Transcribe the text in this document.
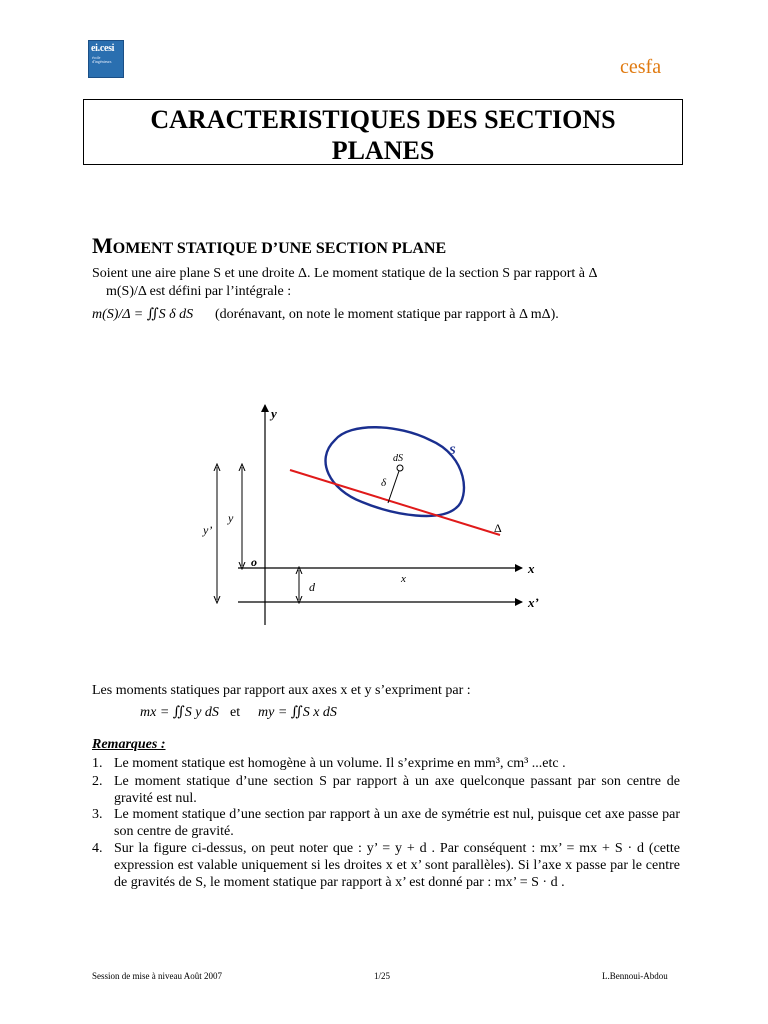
ei.cesi
école d'ingénieurs	cesfa
CARACTERISTIQUES DES SECTIONS
PLANES
MOMENT STATIQUE D’UNE SECTION PLANE
Soient une aire plane S et une droite Δ. Le moment statique de la section S par rapport à Δ
m(S)/Δ est défini par l’intégrale :
m(S)/Δ = ∬S δ dS (dorénavant, on note le moment statique par rapport à Δ mΔ).
y
x
x’
o
S
dS
Δ
δ
y
y’
d
x
Les moments statiques par rapport aux axes x et y s’expriment par :
mx = ∬S y dS et my = ∬S x dS
Remarques :
1. Le moment statique est homogène à un volume. Il s’exprime en mm³, cm³ ...etc .
2. Le moment statique d’une section S par rapport à un axe quelconque passant par son centre de gravité est nul.
3. Le moment statique d’une section par rapport à un axe de symétrie est nul, puisque cet axe passe par son centre de gravité.
4. Sur la figure ci-dessus, on peut noter que : y’ = y + d . Par conséquent : mx’ = mx + S · d (cette expression est valable uniquement si les droites x et x’ sont parallèles). Si l’axe x passe par le centre de gravités de S, le moment statique par rapport à x’ est donné par : mx’ = S · d .
Session de mise à niveau Août 2007	1/25	L.Bennoui-Abdou
